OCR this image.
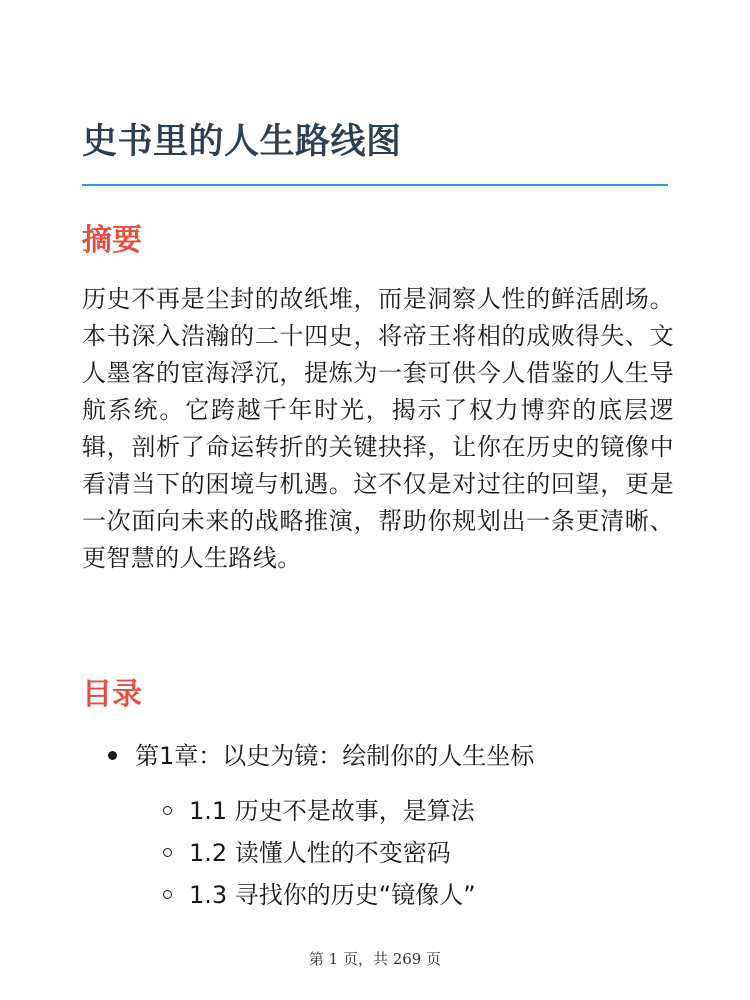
史书里的人生路线图
摘要

历史不再是尘封的故纸堆，而是洞察人性的鲜活剧场。本书深入浩瀚的二十四史，将帝王将相的成败得失、文人墨客的宦海浮沉，提炼为一套可供今人借鉴的人生导航系统。它跨越千年时光，揭示了权力博弈的底层逻辑，剖析了命运转折的关键抉择，让你在历史的镜像中看清当下的困境与机遇。这不仅是对过往的回望，更是一次面向未来的战略推演，帮助你规划出一条更清晰、更智慧的人生路线。

目录
第1章：以史为镜：绘制你的人生坐标
1.1 历史不是故事，是算法
1.2 读懂人性的不变密码
1.3 寻找你的历史“镜像人”
第 1 页，共 269 页
